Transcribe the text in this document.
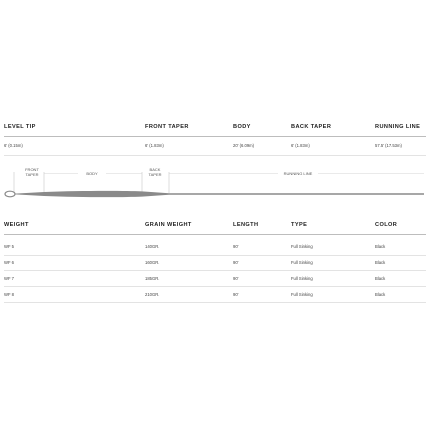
LEVEL TIP	FRONT TAPER	BODY	BACK TAPER	RUNNING LINE
6' (0.15m)	6' (1.83m)	20' (6.09m)	6' (1.83m)	57.5' (17.53m)
FRONT
TAPER	BODY
BACK
TAPER	RUNNING LINE
WEIGHT	GRAIN WEIGHT	LENGTH	TYPE	COLOR
WF 5	140GR.	90'	Full Sinking	Black
WF 6	160GR.	90'	Full Sinking	Black
WF 7	185GR.	90'	Full Sinking	Black
WF 8	210GR.	90'	Full Sinking	Black
